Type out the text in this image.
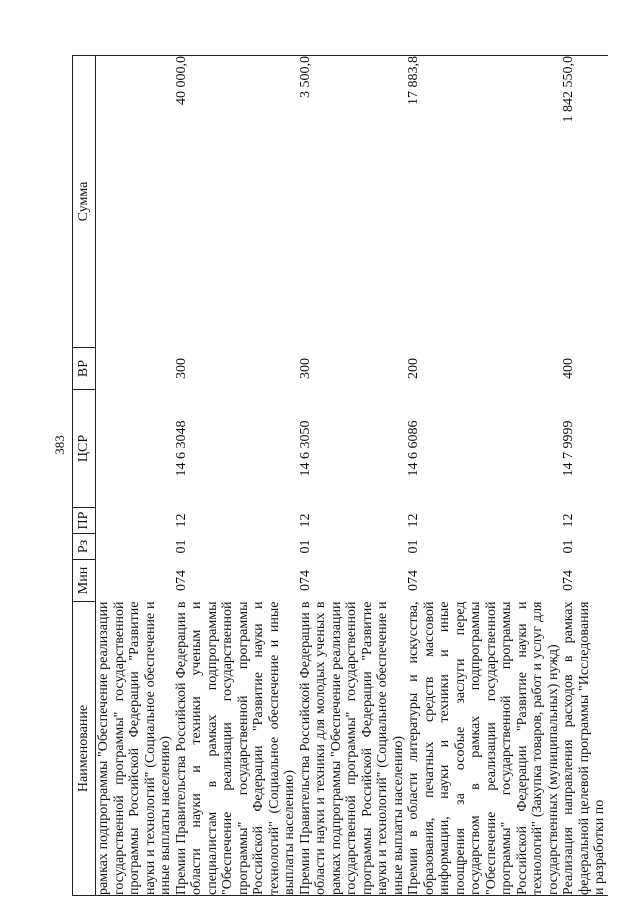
383
Наименование	Мин	Рз	ПР	ЦСР	ВР	Сумма
рамках подпрограммы "Обеспечение реализации государственной программы" государственной программы Российской Федерации "Развитие науки и технологий" (Социальное обеспечение и иные выплаты населению)						
Премии Правительства Российской Федерации в области науки и техники ученым и специалистам в рамках подпрограммы "Обеспечение реализации государственной программы" государственной программы Российской Федерации "Развитие науки и технологий" (Социальное обеспечение и иные выплаты населению)	074	01	12	14 6 3048	300	40 000,0
Премии Правительства Российской Федерации в области науки и техники для молодых ученых в рамках подпрограммы "Обеспечение реализации государственной программы" государственной программы Российской Федерации "Развитие науки и технологий" (Социальное обеспечение и иные выплаты населению)	074	01	12	14 6 3050	300	3 500,0
Премии в области литературы и искусства, образования, печатных средств массовой информации, науки и техники и иные поощрения за особые заслуги перед государством в рамках подпрограммы "Обеспечение реализации государственной программы" государственной программы Российской Федерации "Развитие науки и технологий" (Закупка товаров, работ и услуг для государственных (муниципальных) нужд)	074	01	12	14 6 6086	200	17 883,8
Реализация направления расходов в рамках федеральной целевой программы "Исследования и разработки по	074	01	12	14 7 9999	400	1 842 550,0
